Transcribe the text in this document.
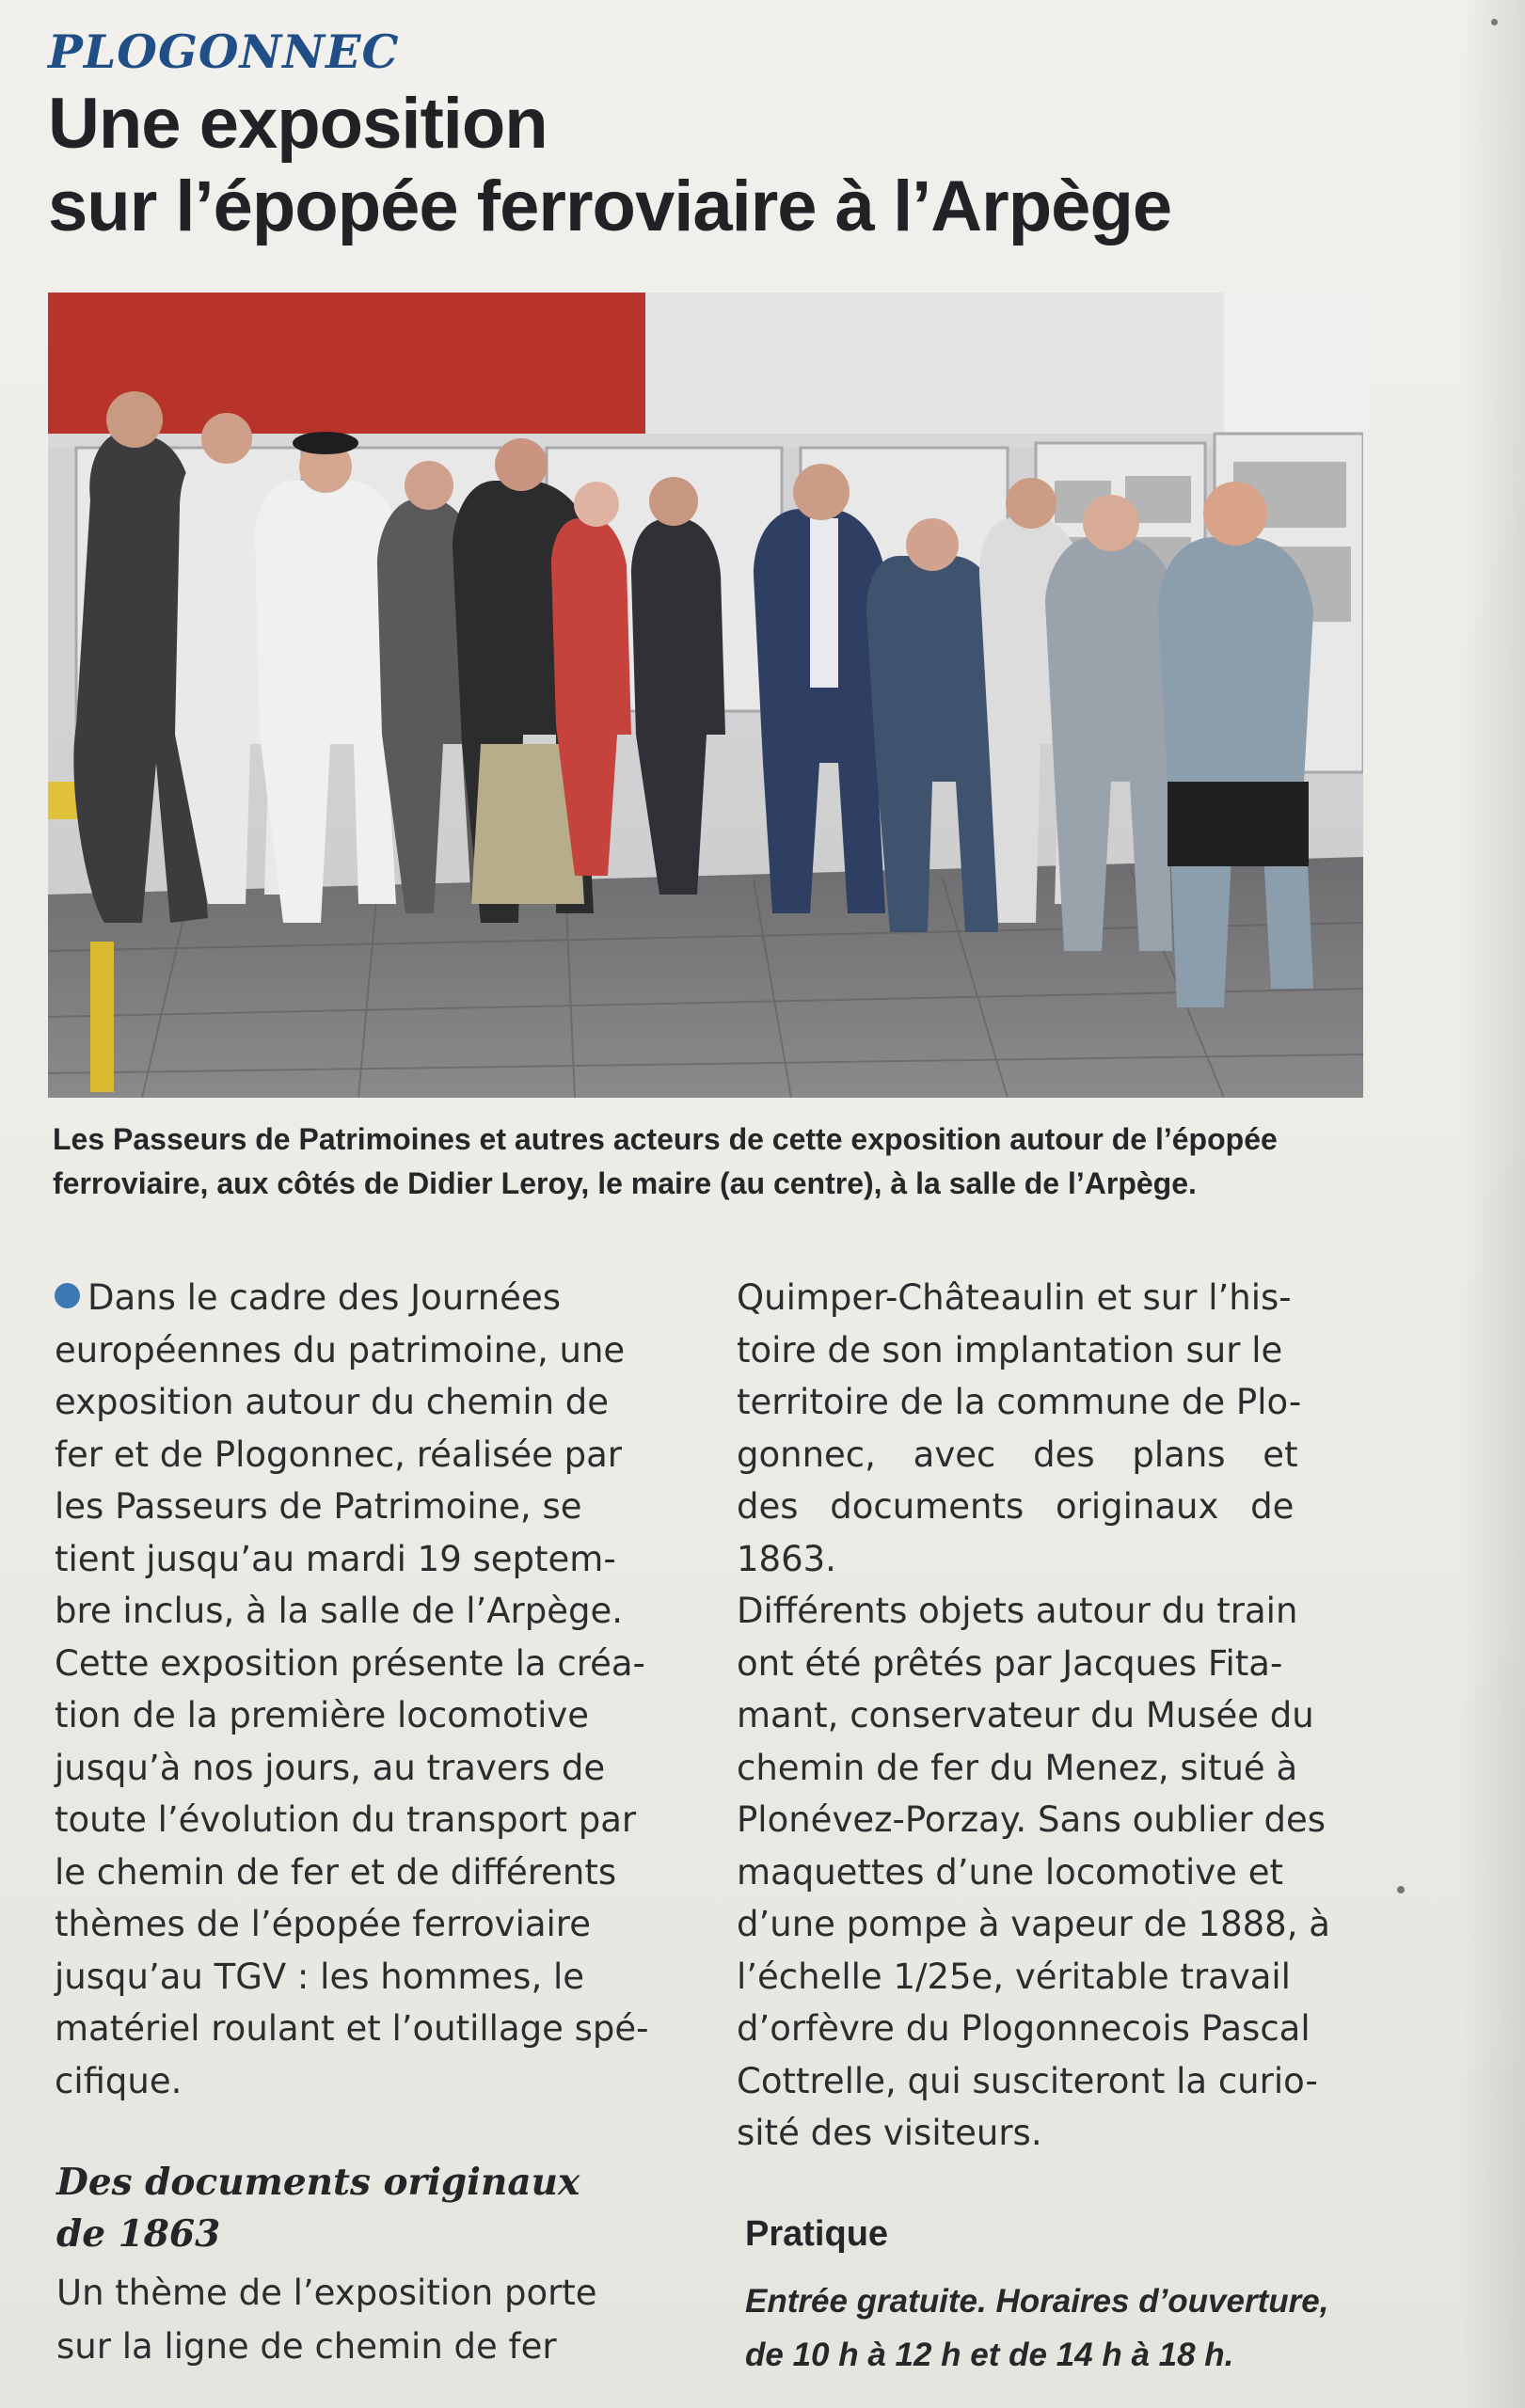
PLOGONNEC

Une exposition
sur l’épopée ferroviaire à l’Arpège

Les Passeurs de Patrimoines et autres acteurs de cette exposition autour de l’épopée
ferroviaire, aux côtés de Didier Leroy, le maire (au centre), à la salle de l’Arpège.

Dans le cadre des Journées
européennes du patrimoine, une
exposition autour du chemin de
fer et de Plogonnec, réalisée par
les Passeurs de Patrimoine, se
tient jusqu’au mardi 19 septem-
bre inclus, à la salle de l’Arpège.
Cette exposition présente la créa-
tion de la première locomotive
jusqu’à nos jours, au travers de
toute l’évolution du transport par
le chemin de fer et de différents
thèmes de l’épopée ferroviaire
jusqu’au TGV : les hommes, le
matériel roulant et l’outillage spé-
cifique.

Des documents originaux
de 1863

Un thème de l’exposition porte
sur la ligne de chemin de fer
Quimper-Châteaulin et sur l’his-
toire de son implantation sur le
territoire de la commune de Plo-
gonnec, avec des plans et
des documents originaux de
1863.
Différents objets autour du train
ont été prêtés par Jacques Fita-
mant, conservateur du Musée du
chemin de fer du Menez, situé à
Plonévez-Porzay. Sans oublier des
maquettes d’une locomotive et
d’une pompe à vapeur de 1888, à
l’échelle 1/25e, véritable travail
d’orfèvre du Plogonnecois Pascal
Cottrelle, qui susciteront la curio-
sité des visiteurs.

Pratique

Entrée gratuite. Horaires d’ouverture,
de 10 h à 12 h et de 14 h à 18 h.
